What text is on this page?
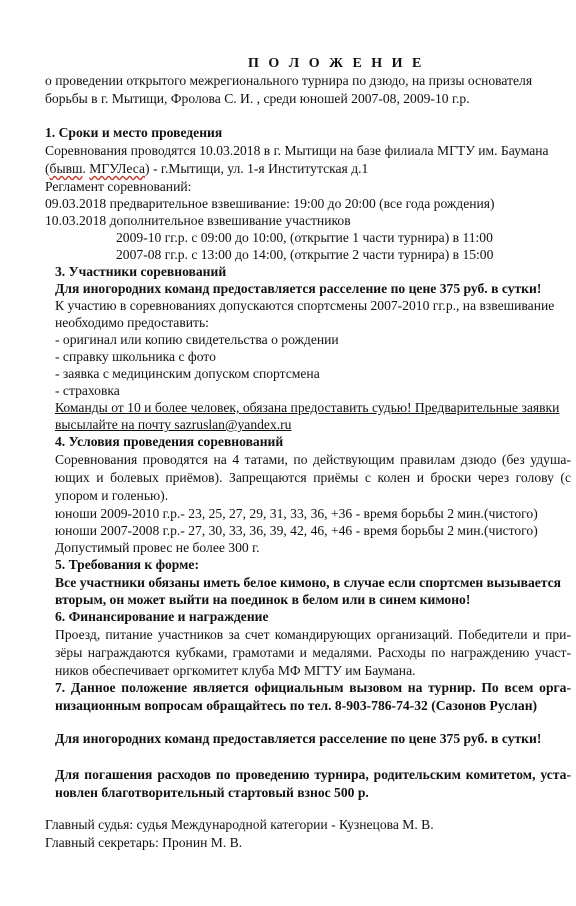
П О Л О Ж Е Н И Е
о проведении открытого межрегионального турнира по дзюдо, на призы основателя
борьбы в г. Мытищи, Фролова С. И. , среди юношей 2007-08, 2009-10 г.р.
1. Сроки и место проведения
Соревнования проводятся 10.03.2018 в г. Мытищи на базе филиала МГТУ им. Баумана
(бывш. МГУЛеса) - г.Мытищи, ул. 1-я Институтская д.1
Регламент соревнований:
09.03.2018 предварительное взвешивание: 19:00 до 20:00 (все года рождения)
10.03.2018 дополнительное взвешивание участников
2009-10 гг.р. с 09:00 до 10:00, (открытие 1 части турнира) в 11:00
2007-08 гг.р. с 13:00 до 14:00, (открытие 2 части турнира) в 15:00
3. Участники соревнований
Для иногородних команд предоставляется расселение по цене 375 руб. в сутки!
К участию в соревнованиях допускаются спортсмены 2007-2010 гг.р., на взвешивание
необходимо предоставить:
- оригинал или копию свидетельства о рождении
- справку школьника с фото
- заявка с медицинским допуском спортсмена
- страховка
Команды от 10 и более человек, обязана предоставить судью! Предварительные заявки
высылайте на почту sazruslan@yandex.ru
4. Условия проведения соревнований
Соревнования проводятся на 4 татами, по действующим правилам дзюдо (без удуша-
ющих и болевых приёмов). Запрещаются приёмы с колен и броски через голову (с
упором и голенью).
юноши 2009-2010 г.р.- 23, 25, 27, 29, 31, 33, 36, +36 - время борьбы 2 мин.(чистого)
юноши 2007-2008 г.р.- 27, 30, 33, 36, 39, 42, 46, +46 - время борьбы 2 мин.(чистого)
Допустимый провес не более 300 г.
5. Требования к форме:
Все участники обязаны иметь белое кимоно, в случае если спортсмен вызывается
вторым, он может выйти на поединок в белом или в синем кимоно!
6. Финансирование и награждение
Проезд, питание участников за счет командирующих организаций. Победители и при-
зёры награждаются кубками, грамотами и медалями. Расходы по награждению участ-
ников обеспечивает оргкомитет клуба МФ МГТУ им Баумана.
7. Данное положение является официальным вызовом на турнир. По всем орга-
низационным вопросам обращайтесь по тел. 8-903-786-74-32 (Сазонов Руслан)
Для иногородних команд предоставляется расселение по цене 375 руб. в сутки!
Для погашения расходов по проведению турнира, родительским комитетом, уста-
новлен благотворительный стартовый взнос 500 р.
Главный судья: судья Международной категории - Кузнецова М. В.
Главный секретарь: Пронин М. В.
